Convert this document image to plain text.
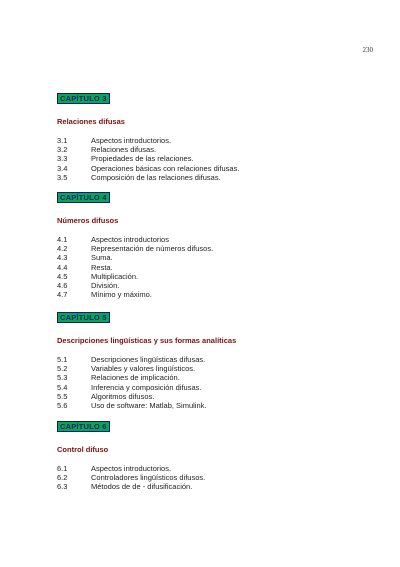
230
CAPÍTULO 3
Relaciones difusas
3.1	Aspectos introductorios.
3.2	Relaciones difusas.
3.3	Propiedades de las relaciones.
3.4	Operaciones básicas con relaciones difusas.
3.5	Composición de las relaciones difusas.
CAPÍTULO 4
Números difusos
4.1	Aspectos introductorios
4.2	Representación de números difusos.
4.3	Suma.
4.4	Resta.
4.5	Multiplicación.
4.6	División.
4.7	Mínimo y máximo.
CAPÍTULO 5
Descripciones lingüísticas y sus formas analíticas
5.1	Descripciones lingüísticas difusas.
5.2	Variables y valores lingüísticos.
5.3	Relaciones de implicación.
5.4	Inferencia y composición difusas.
5.5	Algoritmos difusos.
5.6	Uso de software: Matlab, Simulink.
CAPÍTULO 6
Control difuso
6.1	Aspectos introductorios.
6.2	Controladores lingüísticos difusos.
6.3	Métodos de de - difusificación.
